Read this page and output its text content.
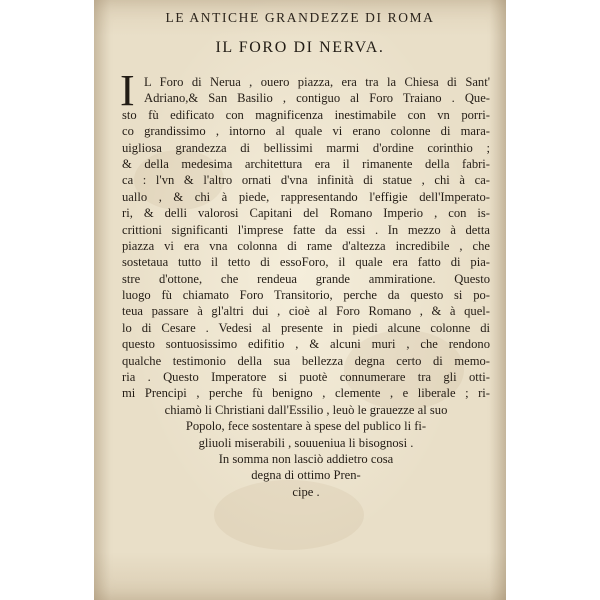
LE ANTICHE GRANDEZZE DI ROMA
IL FORO DI NERVA.
I L Foro di Nerua , ouero piazza, era tra la Chiesa di Sant'
Adriano,& San Basilio , contiguo al Foro Traiano . Que-
sto fù edificato con magnificenza inestimabile con vn porri-
co grandissimo , intorno al quale vi erano colonne di mara-
uigliosa grandezza di bellissimi marmi d'ordine corinthio ;
& della medesima architettura era il rimanente della fabri-
ca : l'vn & l'altro ornati d'vna infinità di statue , chi à ca-
uallo , & chi à piede, rappresentando l'effigie dell'Imperato-
ri, & delli valorosi Capitani del Romano Imperio , con is-
crittioni significanti l'imprese fatte da essi . In mezzo à detta
piazza vi era vna colonna di rame d'altezza incredibile , che
sostetaua tutto il tetto di essoForo, il quale era fatto di pia-
stre d'ottone, che rendeua grande ammiratione. Questo
luogo fù chiamato Foro Transitorio, perche da questo si po-
teua passare à gl'altri dui , cioè al Foro Romano , & à quel-
lo di Cesare . Vedesi al presente in piedi alcune colonne di
questo sontuosissimo edifitio , & alcuni muri , che rendono
qualche testimonio della sua bellezza degna certo di memo-
ria . Questo Imperatore si puotè connumerare tra gli otti-
mi Prencipi , perche fù benigno , clemente , e liberale ; ri-
chiamò li Christiani dall'Essilio , leuò le grauezze al suo
Popolo, fece sostentare à spese del publico li fi-
gliuoli miserabili , souueniua li bisognosi .
In somma non lasciò addietro cosa
degna di ottimo Pren-
cipe .
